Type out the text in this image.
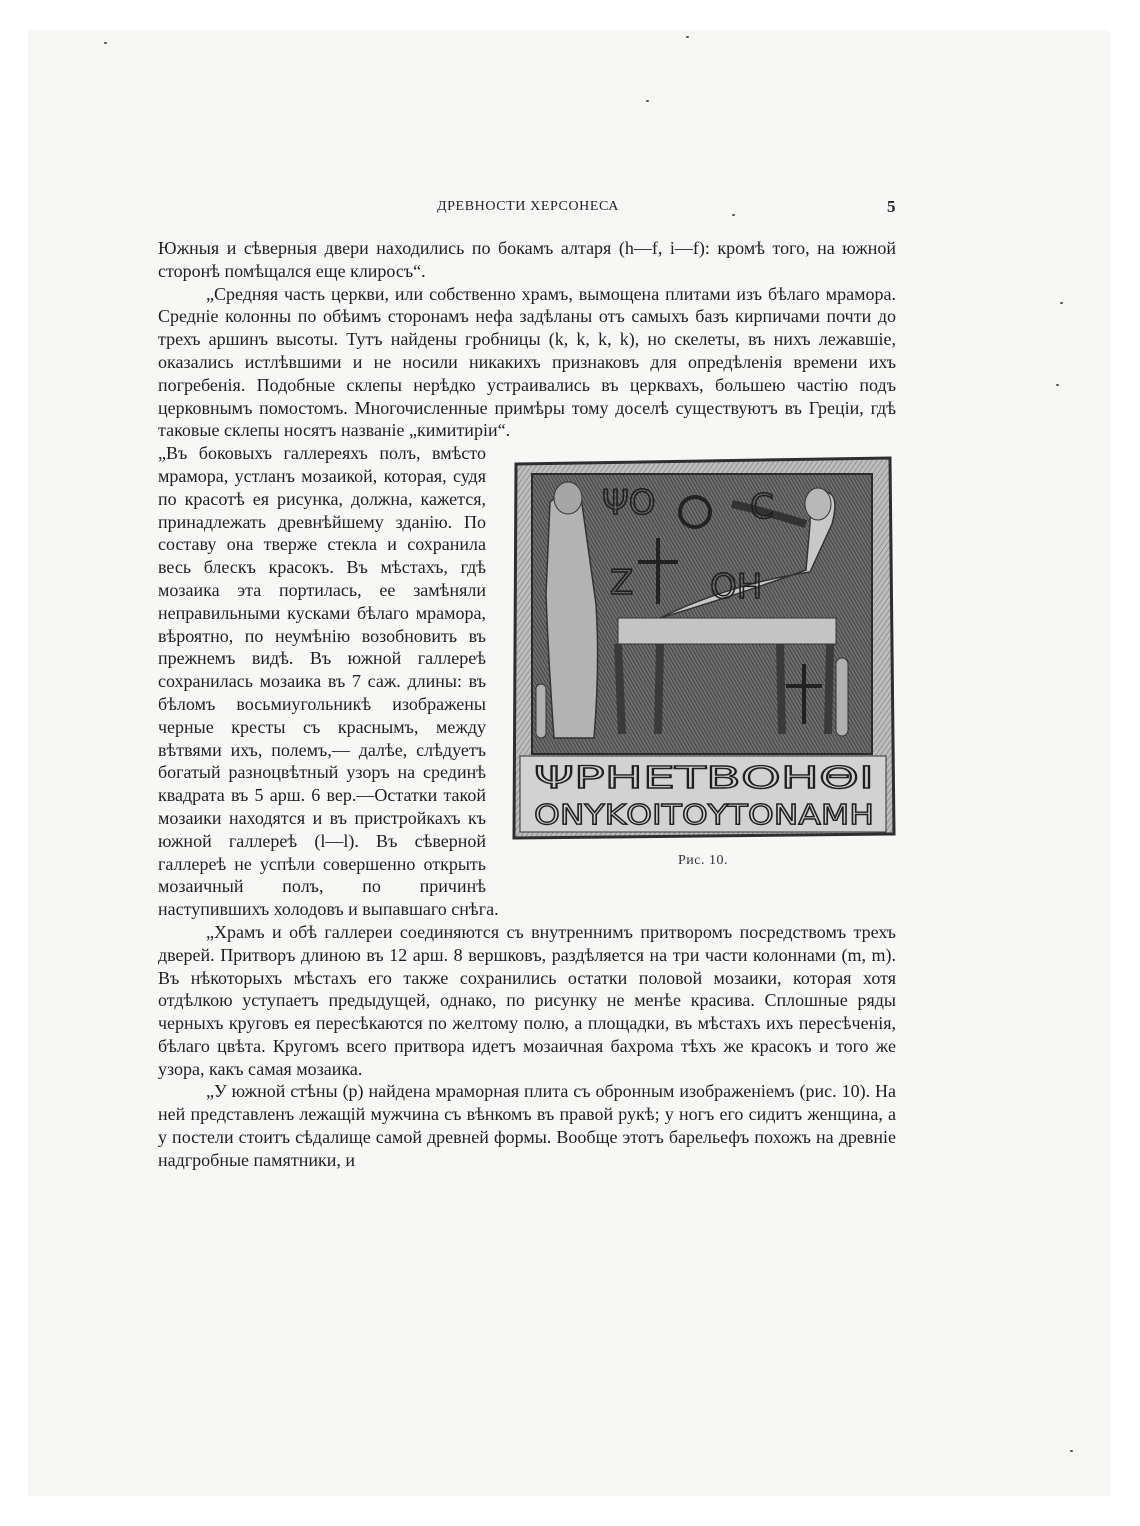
ДРЕВНОСТИ ХЕРСОНЕСА	5

Южныя и сѣверныя двери находились по бокамъ алтаря (h—f, i—f): кромѣ того, на южной сторонѣ помѣщался еще клиросъ“.

„Средняя часть церкви, или собственно храмъ, вымощена плитами изъ бѣлаго мрамора. Средніе колонны по обѣимъ сторонамъ нефа задѣланы отъ самыхъ базъ кирпичами почти до трехъ аршинъ высоты. Тутъ найдены гробницы (k, k, k, k), но скелеты, въ нихъ лежавшіе, оказались истлѣвшими и не носили никакихъ признаковъ для опредѣленія времени ихъ погребенія. Подобные склепы нерѣдко устраивались въ церквахъ, большею частію подъ церковнымъ помостомъ. Многочисленные примѣры тому доселѣ существуютъ въ Греціи, гдѣ таковые склепы носятъ названіе „кимитиріи“.

ΨΟ	C
Z ΟΗ
ΨΡΗΕΤΒΟΗΘΙ
ΟΝΥΚΟΙΤΟΥΤΟΝΑΜΗ
Рис. 10.

„Въ боковыхъ галлереяхъ полъ, вмѣсто мрамора, устланъ мозаикой, которая, судя по красотѣ ея рисунка, должна, кажется, принадлежать древнѣйшему зданію. По составу она тверже стекла и сохранила весь блескъ красокъ. Въ мѣстахъ, гдѣ мозаика эта портилась, ее замѣняли неправильными кусками бѣлаго мрамора, вѣроятно, по неумѣнію возобновить въ прежнемъ видѣ. Въ южной галлереѣ сохранилась мозаика въ 7 саж. длины: въ бѣломъ восьмиугольникѣ изображены черные кресты съ краснымъ, между вѣтвями ихъ, полемъ,— далѣе, слѣдуетъ богатый разноцвѣтный узоръ на срединѣ квадрата въ 5 арш. 6 вер.—Остатки такой мозаики находятся и въ пристройкахъ къ южной галлереѣ (l—l). Въ сѣверной галлереѣ не успѣли совершенно открыть мозаичный полъ, по причинѣ наступившихъ холодовъ и выпавшаго снѣга.

„Храмъ и обѣ галлереи соединяются съ внутреннимъ притворомъ посредствомъ трехъ дверей. Притворъ длиною въ 12 арш. 8 вершковъ, раздѣляется на три части колоннами (m, m). Въ нѣкоторыхъ мѣстахъ его также сохранились остатки половой мозаики, которая хотя отдѣлкою уступаетъ предыдущей, однако, по рисунку не менѣе красива. Сплошные ряды черныхъ круговъ ея пересѣкаются по желтому полю, а площадки, въ мѣстахъ ихъ пересѣченія, бѣлаго цвѣта. Кругомъ всего притвора идетъ мозаичная бахрома тѣхъ же красокъ и того же узора, какъ самая мозаика.

„У южной стѣны (p) найдена мраморная плита съ обронным изображеніемъ (рис. 10). На ней представленъ лежащій мужчина съ вѣнкомъ въ правой рукѣ; у ногъ его сидитъ женщина, а у постели стоитъ сѣдалище самой древней формы. Вообще этотъ барельефъ похожъ на древніе надгробные памятники, и
